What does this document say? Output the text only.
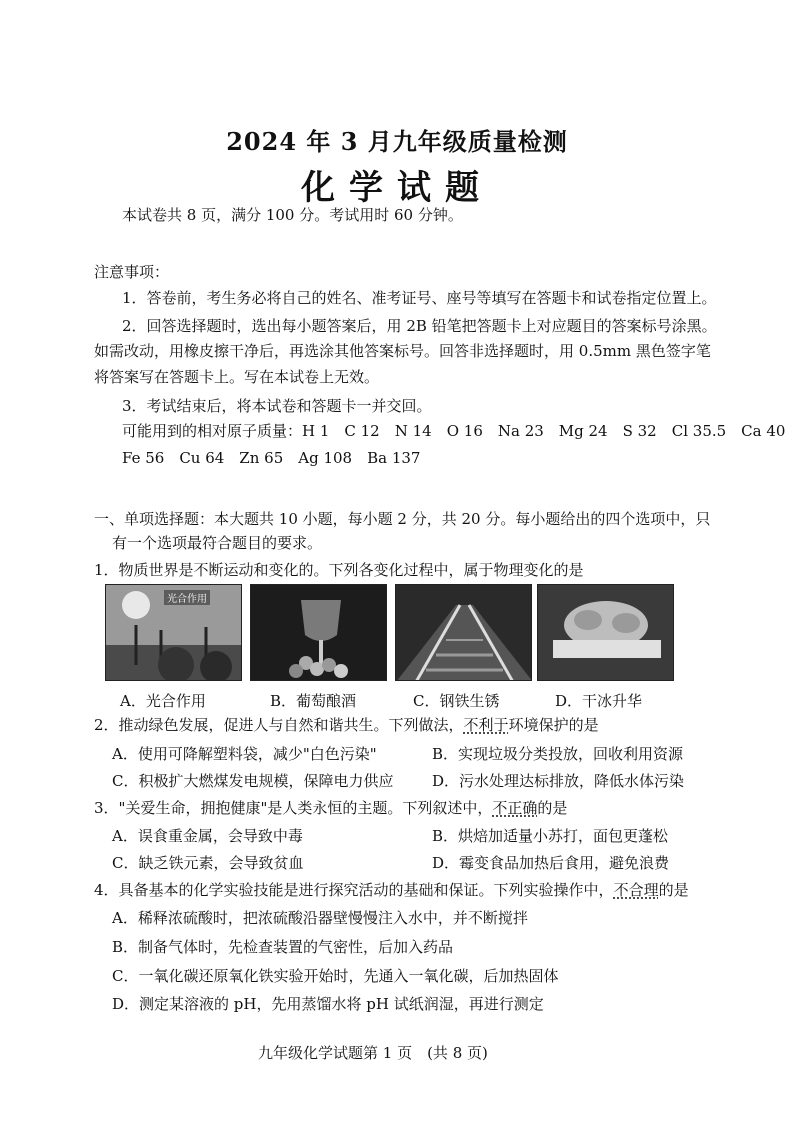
2024 年 3 月九年级质量检测
化学试题
本试卷共 8 页，满分 100 分。考试用时 60 分钟。
注意事项：
1．答卷前，考生务必将自己的姓名、准考证号、座号等填写在答题卡和试卷指定位置上。
2．回答选择题时，选出每小题答案后，用 2B 铅笔把答题卡上对应题目的答案标号涂黑。
如需改动，用橡皮擦干净后，再选涂其他答案标号。回答非选择题时，用 0.5mm 黑色签字笔
将答案写在答题卡上。写在本试卷上无效。
3．考试结束后，将本试卷和答题卡一并交回。
可能用到的相对原子质量：H 1　C 12　N 14　O 16　Na 23　Mg 24　S 32　Cl 35.5　Ca 40
Fe 56　Cu 64　Zn 65　Ag 108　Ba 137
一、单项选择题：本大题共 10 小题，每小题 2 分，共 20 分。每小题给出的四个选项中，只
有一个选项最符合题目的要求。
1．物质世界是不断运动和变化的。下列各变化过程中，属于物理变化的是
光合作用
A．光合作用	B．葡萄酿酒	C．钢铁生锈	D．干冰升华
2．推动绿色发展，促进人与自然和谐共生。下列做法，不利于环境保护的是
A．使用可降解塑料袋，减少"白色污染"	B．实现垃圾分类投放，回收利用资源
C．积极扩大燃煤发电规模，保障电力供应	D．污水处理达标排放，降低水体污染
3．"关爱生命，拥抱健康"是人类永恒的主题。下列叙述中，不正确的是
A．误食重金属，会导致中毒	B．烘焙加适量小苏打，面包更蓬松
C．缺乏铁元素，会导致贫血	D．霉变食品加热后食用，避免浪费
4．具备基本的化学实验技能是进行探究活动的基础和保证。下列实验操作中，不合理的是
A．稀释浓硫酸时，把浓硫酸沿器壁慢慢注入水中，并不断搅拌
B．制备气体时，先检查装置的气密性，后加入药品
C．一氧化碳还原氧化铁实验开始时，先通入一氧化碳，后加热固体
D．测定某溶液的 pH，先用蒸馏水将 pH 试纸润湿，再进行测定
九年级化学试题第 1 页　(共 8 页)
